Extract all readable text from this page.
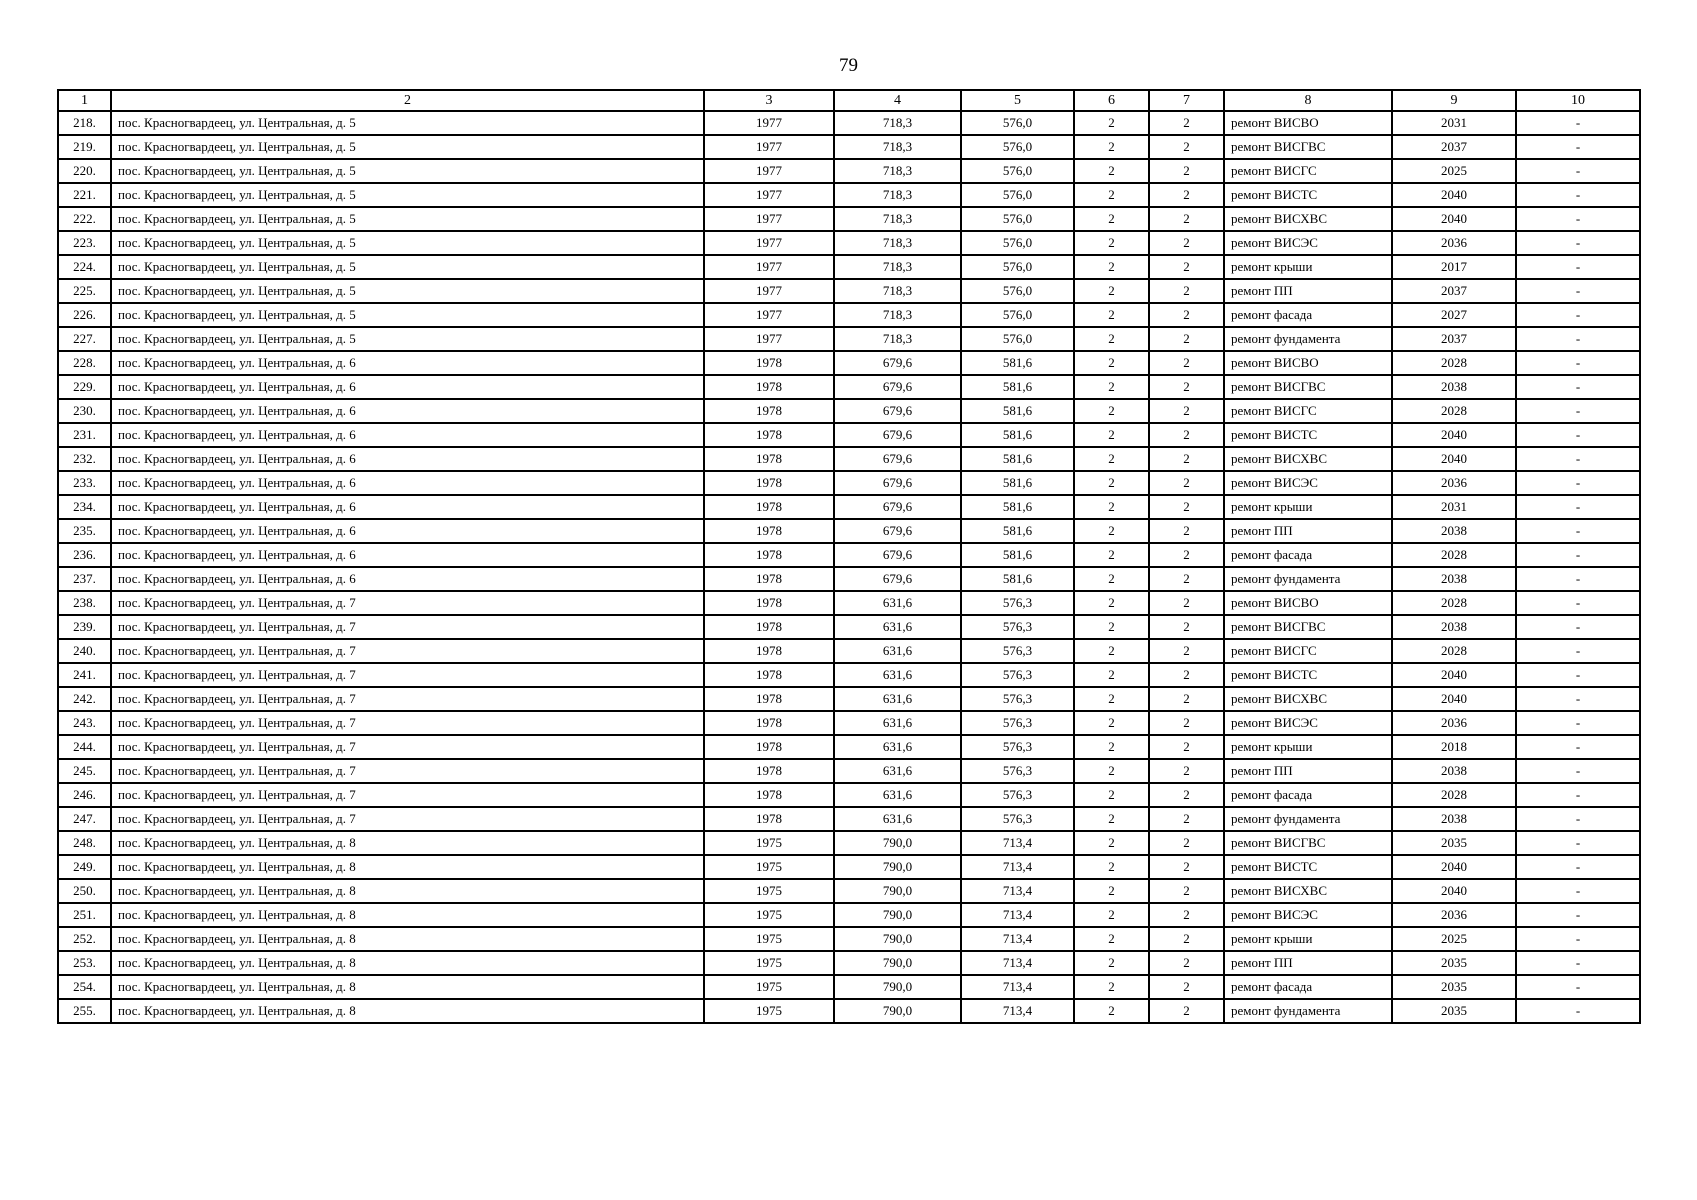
79
1	2	3	4	5	6	7	8	9	10
218.	пос. Красногвардеец, ул. Центральная, д. 5	1977	718,3	576,0	2	2	ремонт ВИСВО	2031	-
219.	пос. Красногвардеец, ул. Центральная, д. 5	1977	718,3	576,0	2	2	ремонт ВИСГВС	2037	-
220.	пос. Красногвардеец, ул. Центральная, д. 5	1977	718,3	576,0	2	2	ремонт ВИСГС	2025	-
221.	пос. Красногвардеец, ул. Центральная, д. 5	1977	718,3	576,0	2	2	ремонт ВИСТС	2040	-
222.	пос. Красногвардеец, ул. Центральная, д. 5	1977	718,3	576,0	2	2	ремонт ВИСХВС	2040	-
223.	пос. Красногвардеец, ул. Центральная, д. 5	1977	718,3	576,0	2	2	ремонт ВИСЭС	2036	-
224.	пос. Красногвардеец, ул. Центральная, д. 5	1977	718,3	576,0	2	2	ремонт крыши	2017	-
225.	пос. Красногвардеец, ул. Центральная, д. 5	1977	718,3	576,0	2	2	ремонт ПП	2037	-
226.	пос. Красногвардеец, ул. Центральная, д. 5	1977	718,3	576,0	2	2	ремонт фасада	2027	-
227.	пос. Красногвардеец, ул. Центральная, д. 5	1977	718,3	576,0	2	2	ремонт фундамента	2037	-
228.	пос. Красногвардеец, ул. Центральная, д. 6	1978	679,6	581,6	2	2	ремонт ВИСВО	2028	-
229.	пос. Красногвардеец, ул. Центральная, д. 6	1978	679,6	581,6	2	2	ремонт ВИСГВС	2038	-
230.	пос. Красногвардеец, ул. Центральная, д. 6	1978	679,6	581,6	2	2	ремонт ВИСГС	2028	-
231.	пос. Красногвардеец, ул. Центральная, д. 6	1978	679,6	581,6	2	2	ремонт ВИСТС	2040	-
232.	пос. Красногвардеец, ул. Центральная, д. 6	1978	679,6	581,6	2	2	ремонт ВИСХВС	2040	-
233.	пос. Красногвардеец, ул. Центральная, д. 6	1978	679,6	581,6	2	2	ремонт ВИСЭС	2036	-
234.	пос. Красногвардеец, ул. Центральная, д. 6	1978	679,6	581,6	2	2	ремонт крыши	2031	-
235.	пос. Красногвардеец, ул. Центральная, д. 6	1978	679,6	581,6	2	2	ремонт ПП	2038	-
236.	пос. Красногвардеец, ул. Центральная, д. 6	1978	679,6	581,6	2	2	ремонт фасада	2028	-
237.	пос. Красногвардеец, ул. Центральная, д. 6	1978	679,6	581,6	2	2	ремонт фундамента	2038	-
238.	пос. Красногвардеец, ул. Центральная, д. 7	1978	631,6	576,3	2	2	ремонт ВИСВО	2028	-
239.	пос. Красногвардеец, ул. Центральная, д. 7	1978	631,6	576,3	2	2	ремонт ВИСГВС	2038	-
240.	пос. Красногвардеец, ул. Центральная, д. 7	1978	631,6	576,3	2	2	ремонт ВИСГС	2028	-
241.	пос. Красногвардеец, ул. Центральная, д. 7	1978	631,6	576,3	2	2	ремонт ВИСТС	2040	-
242.	пос. Красногвардеец, ул. Центральная, д. 7	1978	631,6	576,3	2	2	ремонт ВИСХВС	2040	-
243.	пос. Красногвардеец, ул. Центральная, д. 7	1978	631,6	576,3	2	2	ремонт ВИСЭС	2036	-
244.	пос. Красногвардеец, ул. Центральная, д. 7	1978	631,6	576,3	2	2	ремонт крыши	2018	-
245.	пос. Красногвардеец, ул. Центральная, д. 7	1978	631,6	576,3	2	2	ремонт ПП	2038	-
246.	пос. Красногвардеец, ул. Центральная, д. 7	1978	631,6	576,3	2	2	ремонт фасада	2028	-
247.	пос. Красногвардеец, ул. Центральная, д. 7	1978	631,6	576,3	2	2	ремонт фундамента	2038	-
248.	пос. Красногвардеец, ул. Центральная, д. 8	1975	790,0	713,4	2	2	ремонт ВИСГВС	2035	-
249.	пос. Красногвардеец, ул. Центральная, д. 8	1975	790,0	713,4	2	2	ремонт ВИСТС	2040	-
250.	пос. Красногвардеец, ул. Центральная, д. 8	1975	790,0	713,4	2	2	ремонт ВИСХВС	2040	-
251.	пос. Красногвардеец, ул. Центральная, д. 8	1975	790,0	713,4	2	2	ремонт ВИСЭС	2036	-
252.	пос. Красногвардеец, ул. Центральная, д. 8	1975	790,0	713,4	2	2	ремонт крыши	2025	-
253.	пос. Красногвардеец, ул. Центральная, д. 8	1975	790,0	713,4	2	2	ремонт ПП	2035	-
254.	пос. Красногвардеец, ул. Центральная, д. 8	1975	790,0	713,4	2	2	ремонт фасада	2035	-
255.	пос. Красногвардеец, ул. Центральная, д. 8	1975	790,0	713,4	2	2	ремонт фундамента	2035	-
